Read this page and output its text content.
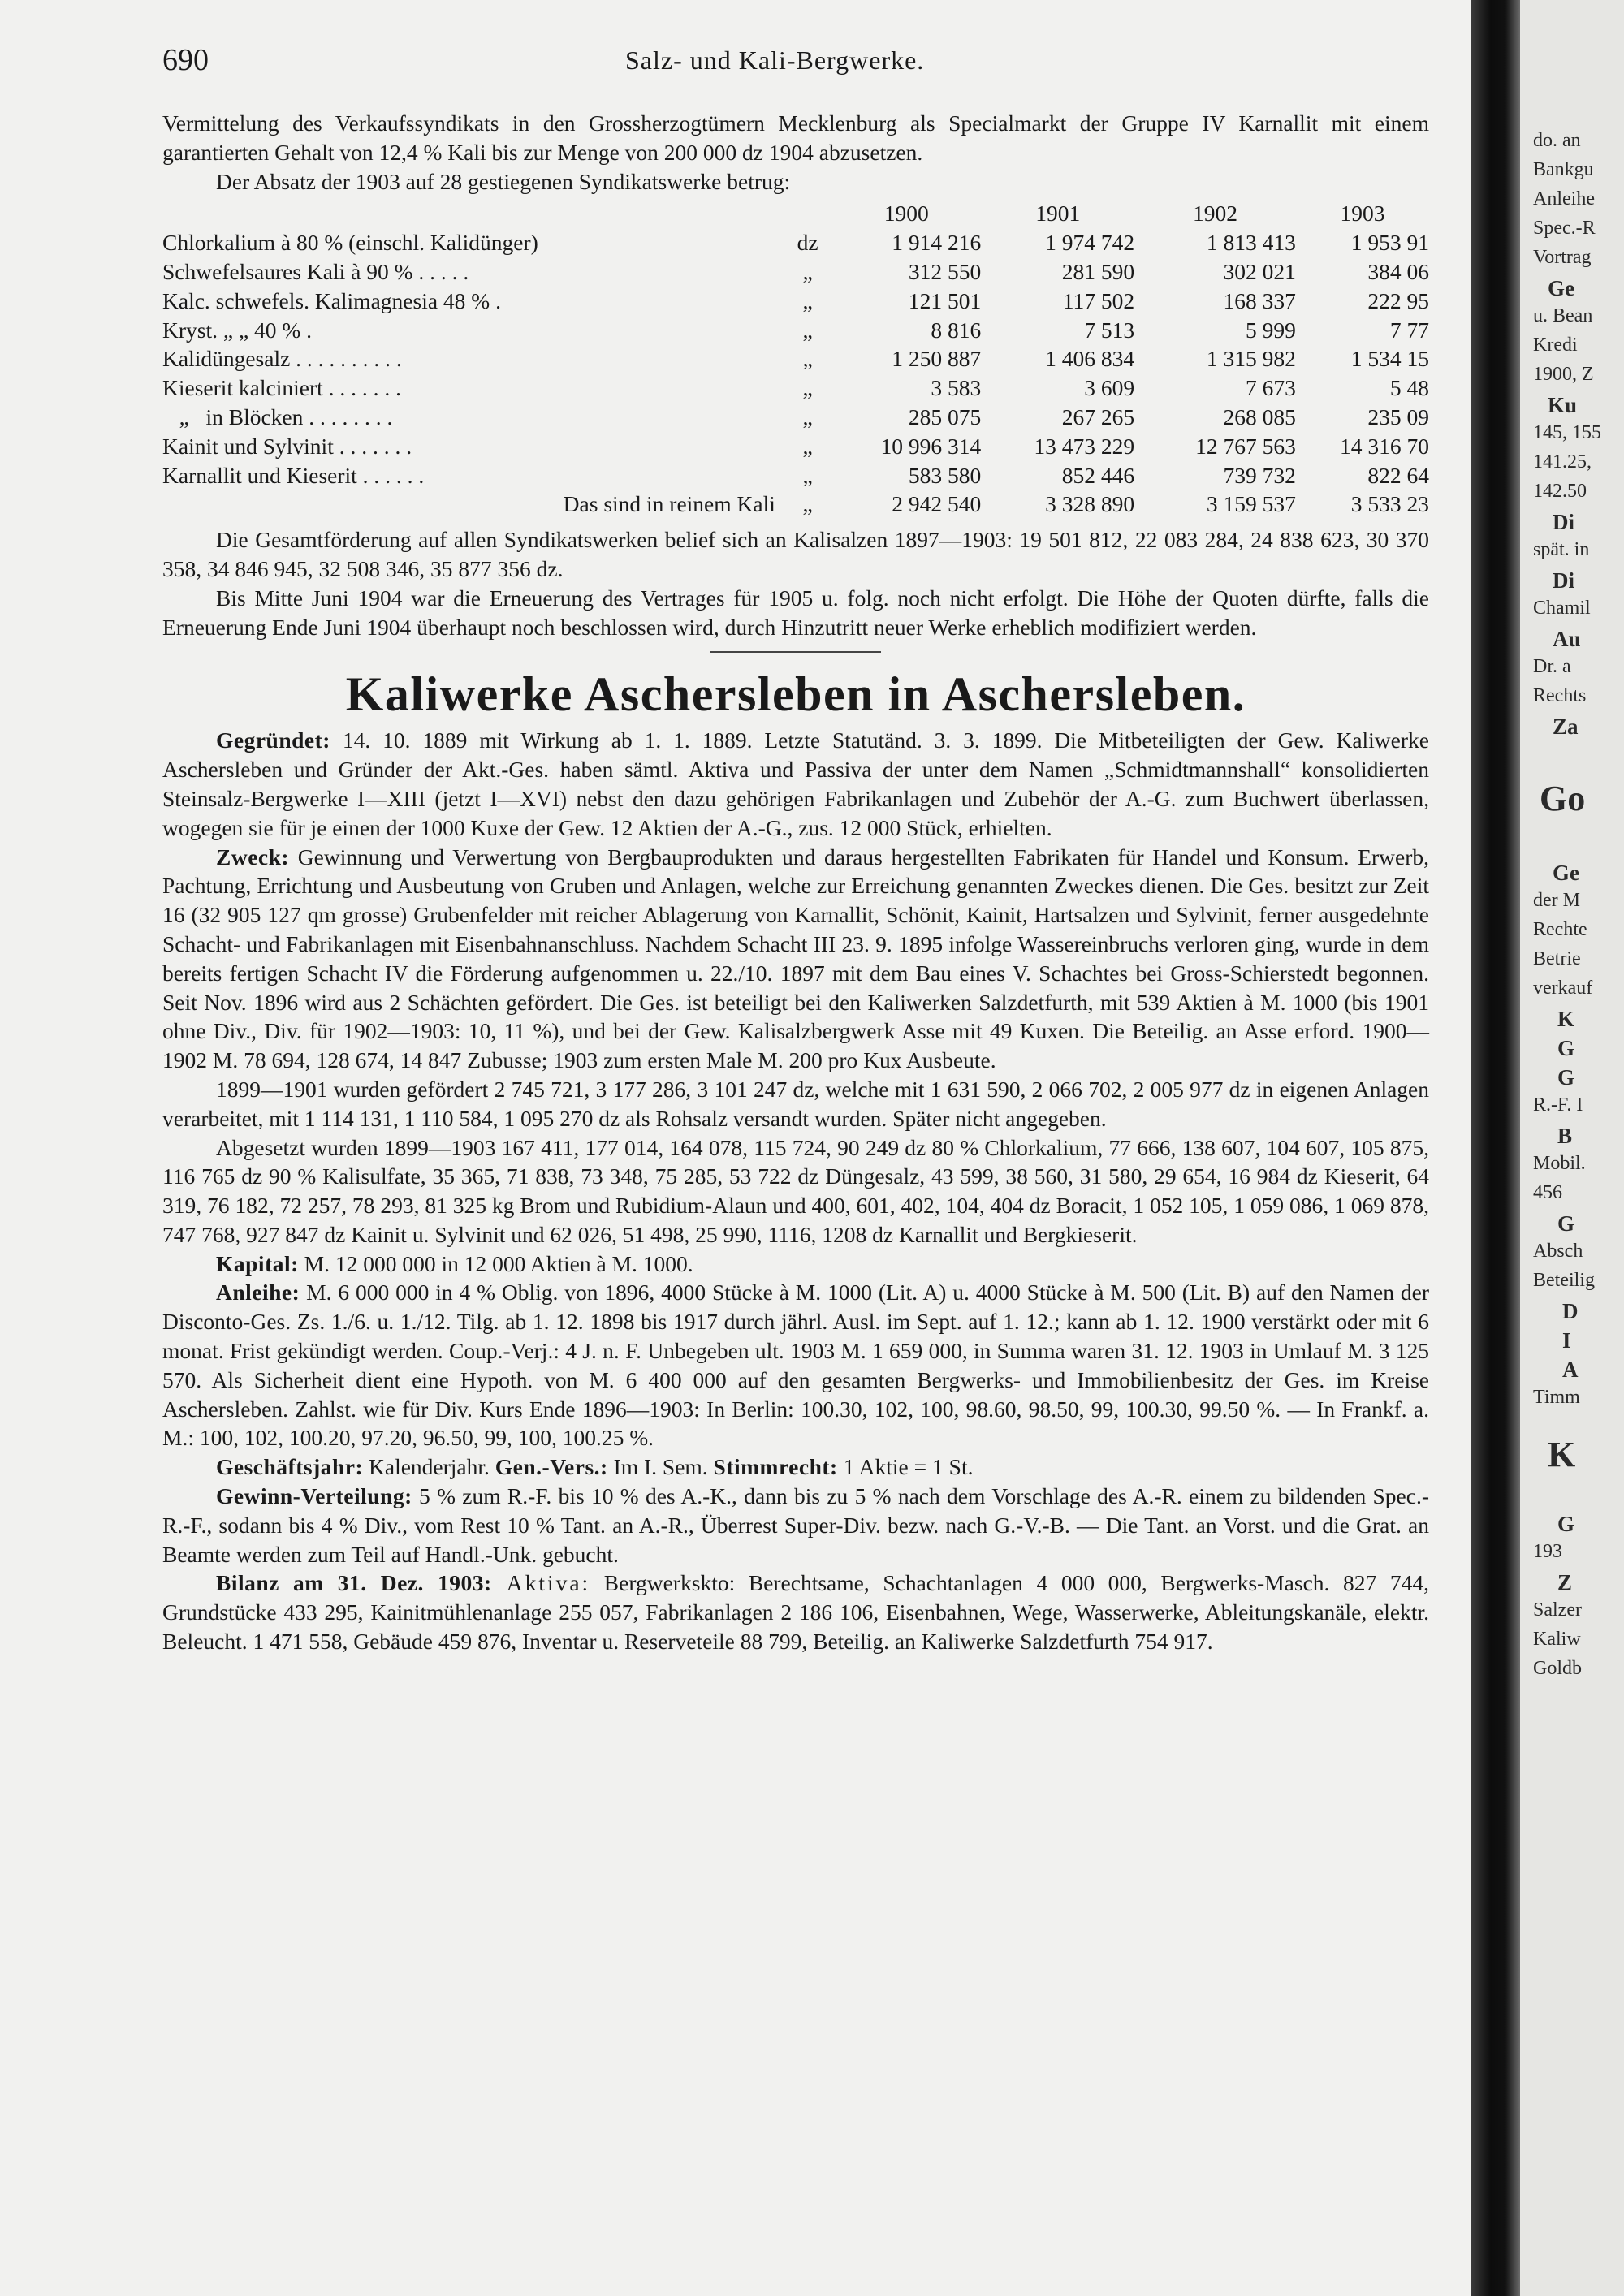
690	Salz- und Kali-Bergwerke.

Vermittelung des Verkaufssyndikats in den Grossherzogtümern Mecklenburg als Specialmarkt der Gruppe IV Karnallit mit einem garantierten Gehalt von 12,4 % Kali bis zur Menge von 200 000 dz 1904 abzusetzen.

Der Absatz der 1903 auf 28 gestiegenen Syndikatswerke betrug:

		1900	1901	1902	1903
Chlorkalium à 80 % (einschl. Kalidünger)	dz	1 914 216	1 974 742	1 813 413	1 953 91
Schwefelsaures Kali à 90 % . . . . .	„	312 550	281 590	302 021	384 06
Kalc. schwefels. Kalimagnesia 48 % .	„	121 501	117 502	168 337	222 95
Kryst. „ „ 40 % .	„	8 816	7 513	5 999	7 77
Kalidüngesalz . . . . . . . . . .	„	1 250 887	1 406 834	1 315 982	1 534 15
Kieserit kalciniert . . . . . . .	„	3 583	3 609	7 673	5 48
„   in Blöcken . . . . . . . .	„	285 075	267 265	268 085	235 09
Kainit und Sylvinit . . . . . . .	„	10 996 314	13 473 229	12 767 563	14 316 70
Karnallit und Kieserit . . . . . .	„	583 580	852 446	739 732	822 64
Das sind in reinem Kali	„	2 942 540	3 328 890	3 159 537	3 533 23

Die Gesamtförderung auf allen Syndikatswerken belief sich an Kalisalzen 1897—1903: 19 501 812, 22 083 284, 24 838 623, 30 370 358, 34 846 945, 32 508 346, 35 877 356 dz.

Bis Mitte Juni 1904 war die Erneuerung des Vertrages für 1905 u. folg. noch nicht erfolgt. Die Höhe der Quoten dürfte, falls die Erneuerung Ende Juni 1904 überhaupt noch beschlossen wird, durch Hinzutritt neuer Werke erheblich modifiziert werden.

Kaliwerke Aschersleben in Aschersleben.

Gegründet: 14. 10. 1889 mit Wirkung ab 1. 1. 1889. Letzte Statutänd. 3. 3. 1899. Die Mitbeteiligten der Gew. Kaliwerke Aschersleben und Gründer der Akt.-Ges. haben sämtl. Aktiva und Passiva der unter dem Namen „Schmidtmannshall“ konsolidierten Steinsalz-Bergwerke I—XIII (jetzt I—XVI) nebst den dazu gehörigen Fabrikanlagen und Zubehör der A.-G. zum Buchwert überlassen, wogegen sie für je einen der 1000 Kuxe der Gew. 12 Aktien der A.-G., zus. 12 000 Stück, erhielten.

Zweck: Gewinnung und Verwertung von Bergbauprodukten und daraus hergestellten Fabrikaten für Handel und Konsum. Erwerb, Pachtung, Errichtung und Ausbeutung von Gruben und Anlagen, welche zur Erreichung genannten Zweckes dienen. Die Ges. besitzt zur Zeit 16 (32 905 127 qm grosse) Grubenfelder mit reicher Ablagerung von Karnallit, Schönit, Kainit, Hartsalzen und Sylvinit, ferner ausgedehnte Schacht- und Fabrikanlagen mit Eisenbahnanschluss. Nachdem Schacht III 23. 9. 1895 infolge Wassereinbruchs verloren ging, wurde in dem bereits fertigen Schacht IV die Förderung aufgenommen u. 22./10. 1897 mit dem Bau eines V. Schachtes bei Gross-Schierstedt begonnen. Seit Nov. 1896 wird aus 2 Schächten gefördert. Die Ges. ist beteiligt bei den Kaliwerken Salzdetfurth, mit 539 Aktien à M. 1000 (bis 1901 ohne Div., Div. für 1902—1903: 10, 11 %), und bei der Gew. Kalisalzbergwerk Asse mit 49 Kuxen. Die Beteilig. an Asse erford. 1900—1902 M. 78 694, 128 674, 14 847 Zubusse; 1903 zum ersten Male M. 200 pro Kux Ausbeute.

1899—1901 wurden gefördert 2 745 721, 3 177 286, 3 101 247 dz, welche mit 1 631 590, 2 066 702, 2 005 977 dz in eigenen Anlagen verarbeitet, mit 1 114 131, 1 110 584, 1 095 270 dz als Rohsalz versandt wurden. Später nicht angegeben.

Abgesetzt wurden 1899—1903 167 411, 177 014, 164 078, 115 724, 90 249 dz 80 % Chlorkalium, 77 666, 138 607, 104 607, 105 875, 116 765 dz 90 % Kalisulfate, 35 365, 71 838, 73 348, 75 285, 53 722 dz Düngesalz, 43 599, 38 560, 31 580, 29 654, 16 984 dz Kieserit, 64 319, 76 182, 72 257, 78 293, 81 325 kg Brom und Rubidium-Alaun und 400, 601, 402, 104, 404 dz Boracit, 1 052 105, 1 059 086, 1 069 878, 747 768, 927 847 dz Kainit u. Sylvinit und 62 026, 51 498, 25 990, 1116, 1208 dz Karnallit und Bergkieserit.

Kapital: M. 12 000 000 in 12 000 Aktien à M. 1000.

Anleihe: M. 6 000 000 in 4 % Oblig. von 1896, 4000 Stücke à M. 1000 (Lit. A) u. 4000 Stücke à M. 500 (Lit. B) auf den Namen der Disconto-Ges. Zs. 1./6. u. 1./12. Tilg. ab 1. 12. 1898 bis 1917 durch jährl. Ausl. im Sept. auf 1. 12.; kann ab 1. 12. 1900 verstärkt oder mit 6 monat. Frist gekündigt werden. Coup.-Verj.: 4 J. n. F. Unbegeben ult. 1903 M. 1 659 000, in Summa waren 31. 12. 1903 in Umlauf M. 3 125 570. Als Sicherheit dient eine Hypoth. von M. 6 400 000 auf den gesamten Bergwerks- und Immobilienbesitz der Ges. im Kreise Aschersleben. Zahlst. wie für Div. Kurs Ende 1896—1903: In Berlin: 100.30, 102, 100, 98.60, 98.50, 99, 100.30, 99.50 %. — In Frankf. a. M.: 100, 102, 100.20, 97.20, 96.50, 99, 100, 100.25 %.

Geschäftsjahr: Kalenderjahr. Gen.-Vers.: Im I. Sem. Stimmrecht: 1 Aktie = 1 St.

Gewinn-Verteilung: 5 % zum R.-F. bis 10 % des A.-K., dann bis zu 5 % nach dem Vorschlage des A.-R. einem zu bildenden Spec.-R.-F., sodann bis 4 % Div., vom Rest 10 % Tant. an A.-R., Überrest Super-Div. bezw. nach G.-V.-B. — Die Tant. an Vorst. und die Grat. an Beamte werden zum Teil auf Handl.-Unk. gebucht.

Bilanz am 31. Dez. 1903: Aktiva: Bergwerkskto: Berechtsame, Schachtanlagen 4 000 000, Bergwerks-Masch. 827 744, Grundstücke 433 295, Kainitmühlenanlage 255 057, Fabrikanlagen 2 186 106, Eisenbahnen, Wege, Wasserwerke, Ableitungskanäle, elektr. Beleucht. 1 471 558, Gebäude 459 876, Inventar u. Reserveteile 88 799, Beteilig. an Kaliwerke Salzdetfurth 754 917.

do. an
Bankgu
Anleihe
Spec.-R
Vortrag
Ge
u. Bean
Kredi
1900, Z
Ku
145, 155
141.25,
142.50
Di
spät. in
Di
Chamil
Au
Dr. a
Rechts
Za
Go
Ge
der M
Rechte
Betrie
verkauf
K
G
G
R.-F. I
B
Mobil.
456
G
Absch
Beteilig
D
I
A
Timm
K
G
193
Z
Salzer
Kaliw
Goldb
